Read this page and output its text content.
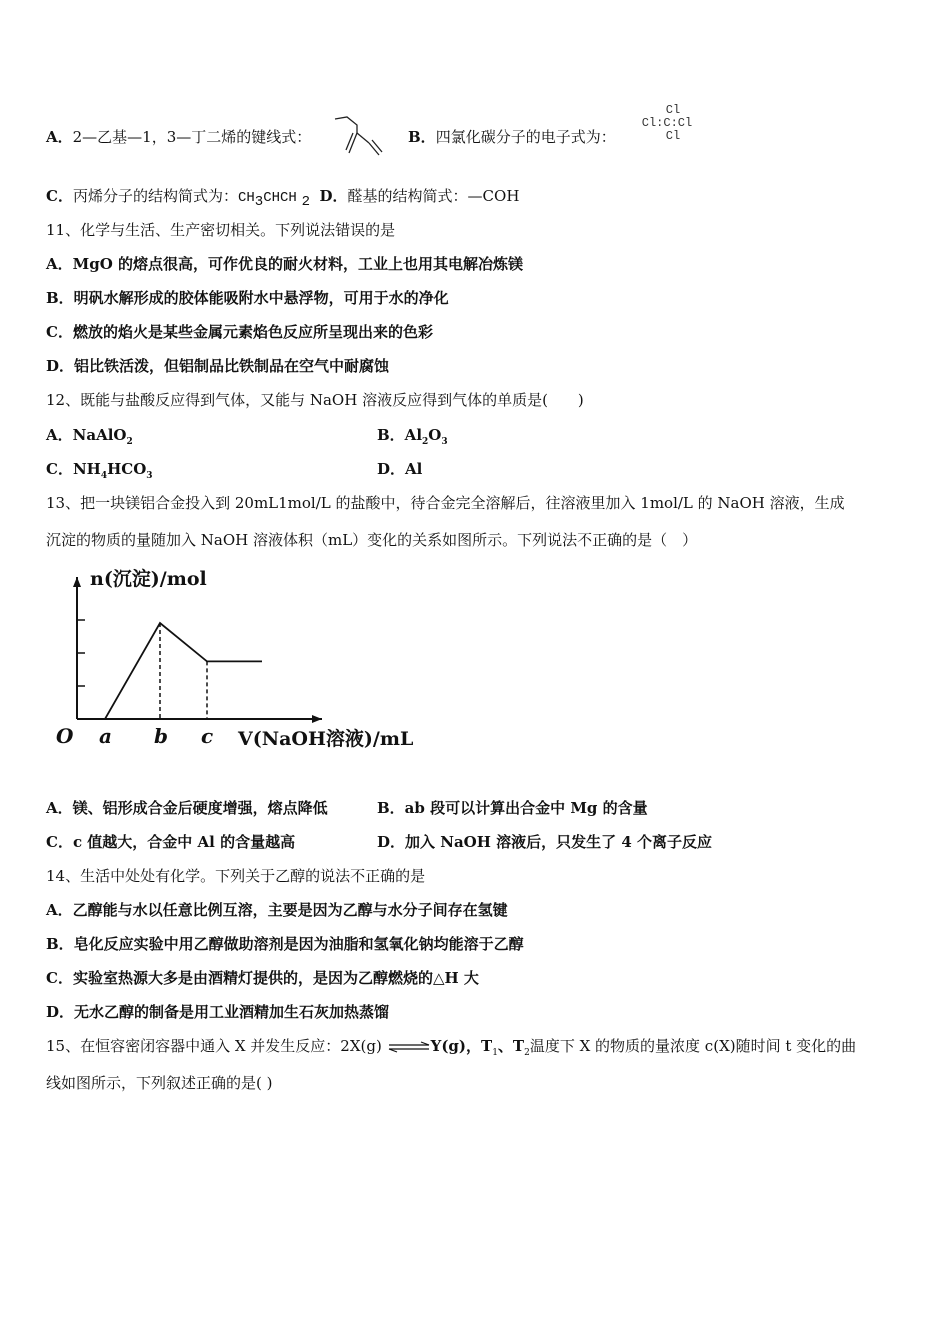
A．2—乙基—1，3—丁二烯的键线式：	B．四氯化碳分子的电子式为：
Cl
Cl:C:Cl
Cl
C．丙烯分子的结构简式为：$CH_3CHCH$ $_2$ D．醛基的结构简式：—COH
11、化学与生活、生产密切相关。下列说法错误的是
A．MgO 的熔点很高，可作优良的耐火材料，工业上也用其电解冶炼镁
B．明矾水解形成的胶体能吸附水中悬浮物，可用于水的净化
C．燃放的焰火是某些金属元素焰色反应所呈现出来的色彩
D．铝比铁活泼，但铝制品比铁制品在空气中耐腐蚀
12、既能与盐酸反应得到气体，又能与 NaOH 溶液反应得到气体的单质是(　　)
A．NaAlO$_2$	B．$Al_2O_3$
C．$NH_4HCO_3$	D．Al
13、把一块镁铝合金投入到 20mL1mol/L 的盐酸中，待合金完全溶解后，往溶液里加入 1mol/L 的 NaOH 溶液，生成
沉淀的物质的量随加入 NaOH 溶液体积（mL）变化的关系如图所示。下列说法不正确的是（　）
O a b c
n(沉淀)/mol
V(NaOH溶液)/mL
A．镁、铝形成合金后硬度增强，熔点降低	B．ab 段可以计算出合金中 Mg 的含量
C．c 值越大，合金中 Al 的含量越高	D．加入 NaOH 溶液后，只发生了 4 个离子反应
14、生活中处处有化学。下列关于乙醇的说法不正确的是
A．乙醇能与水以任意比例互溶，主要是因为乙醇与水分子间存在氢键
B．皂化反应实验中用乙醇做助溶剂是因为油脂和氢氧化钠均能溶于乙醇
C．实验室热源大多是由酒精灯提供的，是因为乙醇燃烧的△H 大
D．无水乙醇的制备是用工业酒精加生石灰加热蒸馏
15、在恒容密闭容器中通入 X 并发生反应：2X(g) ⇌Y(g)，$T_1$、$T_2$温度下 X 的物质的量浓度 c(X)随时间 t 变化的曲
线如图所示，下列叙述正确的是( )
